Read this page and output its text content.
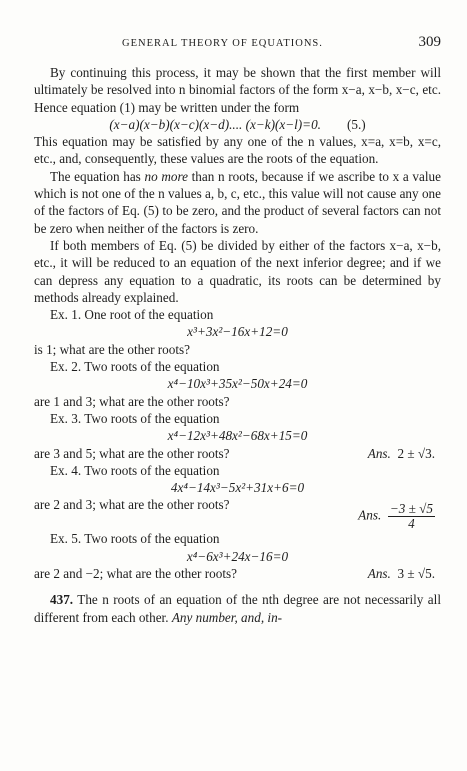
GENERAL THEORY OF EQUATIONS.	309

By continuing this process, it may be shown that the first member will ultimately be resolved into n binomial factors of the form x−a, x−b, x−c, etc. Hence equation (1) may be written under the form

(x−a)(x−b)(x−c)(x−d).... (x−k)(x−l)=0. (5.)

This equation may be satisfied by any one of the n values, x=a, x=b, x=c, etc., and, consequently, these values are the roots of the equation.

The equation has no more than n roots, because if we ascribe to x a value which is not one of the n values a, b, c, etc., this value will not cause any one of the factors of Eq. (5) to be zero, and the product of several factors can not be zero when neither of the factors is zero.

If both members of Eq. (5) be divided by either of the factors x−a, x−b, etc., it will be reduced to an equation of the next inferior degree; and if we can depress any equation to a quadratic, its roots can be determined by methods already explained.

Ex. 1. One root of the equation

x³+3x²−16x+12=0

is 1; what are the other roots?

Ex. 2. Two roots of the equation

x⁴−10x³+35x²−50x+24=0

are 1 and 3; what are the other roots?

Ex. 3. Two roots of the equation

x⁴−12x³+48x²−68x+15=0

are 3 and 5; what are the other roots?	Ans. 2 ± √3.

Ex. 4. Two roots of the equation

4x⁴−14x³−5x²+31x+6=0

are 2 and 3; what are the other roots?
Ans. $\frac{-3 \pm √5}{4}$

Ex. 5. Two roots of the equation

x⁴−6x³+24x−16=0

are 2 and −2; what are the other roots?	Ans. 3 ± √5.

437. The n roots of an equation of the nth degree are not necessarily all different from each other. Any number, and, in-
